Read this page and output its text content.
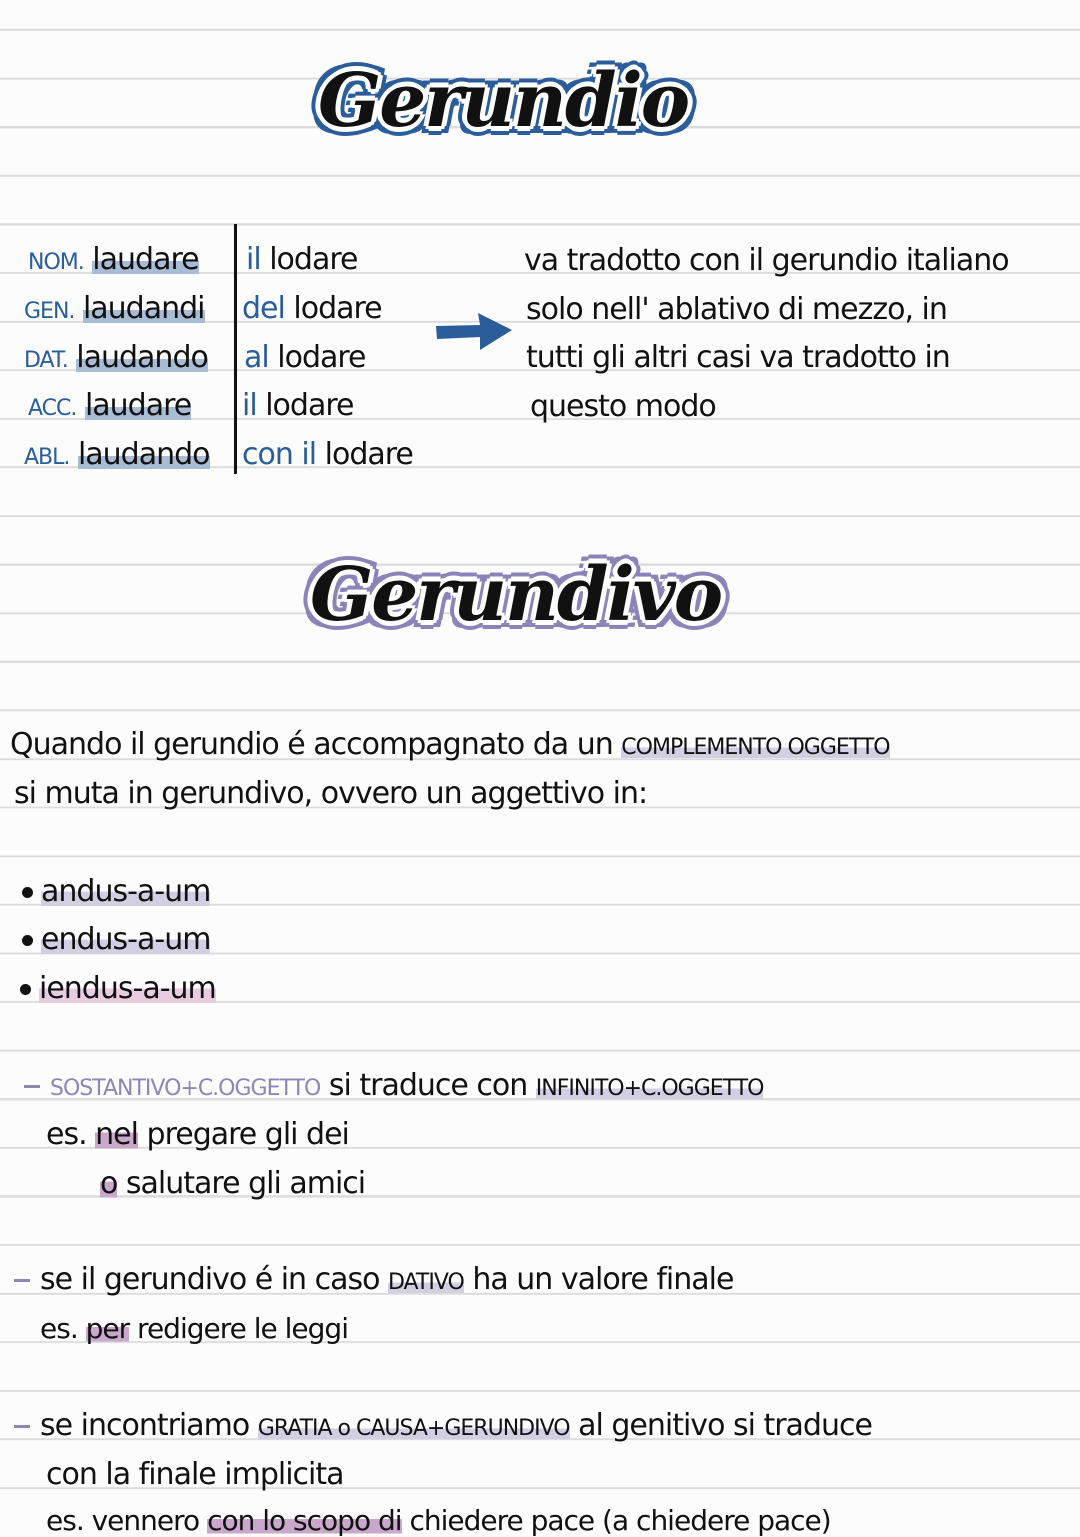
Gerundio
NOM. laudare il lodare
GEN. laudandi del lodare
DAT. laudando al lodare
ACC. laudare il lodare
ABL. laudando con il lodare
va tradotto con il gerundio italiano
solo nell' ablativo di mezzo, in
tutti gli altri casi va tradotto in
questo modo
Gerundivo
Quando il gerundio é accompagnato da un COMPLEMENTO OGGETTO
si muta in gerundivo, ovvero un aggettivo in:
andus-a-um
endus-a-um
iendus-a-um
SOSTANTIVO+C.OGGETTO si traduce con INFINITO+C.OGGETTO
es. nel pregare gli dei
o salutare gli amici
se il gerundivo é in caso DATIVO ha un valore finale
es. per redigere le leggi
se incontriamo GRATIA o CAUSA+GERUNDIVO al genitivo si traduce
con la finale implicita
es. vennero con lo scopo di chiedere pace (a chiedere pace)
